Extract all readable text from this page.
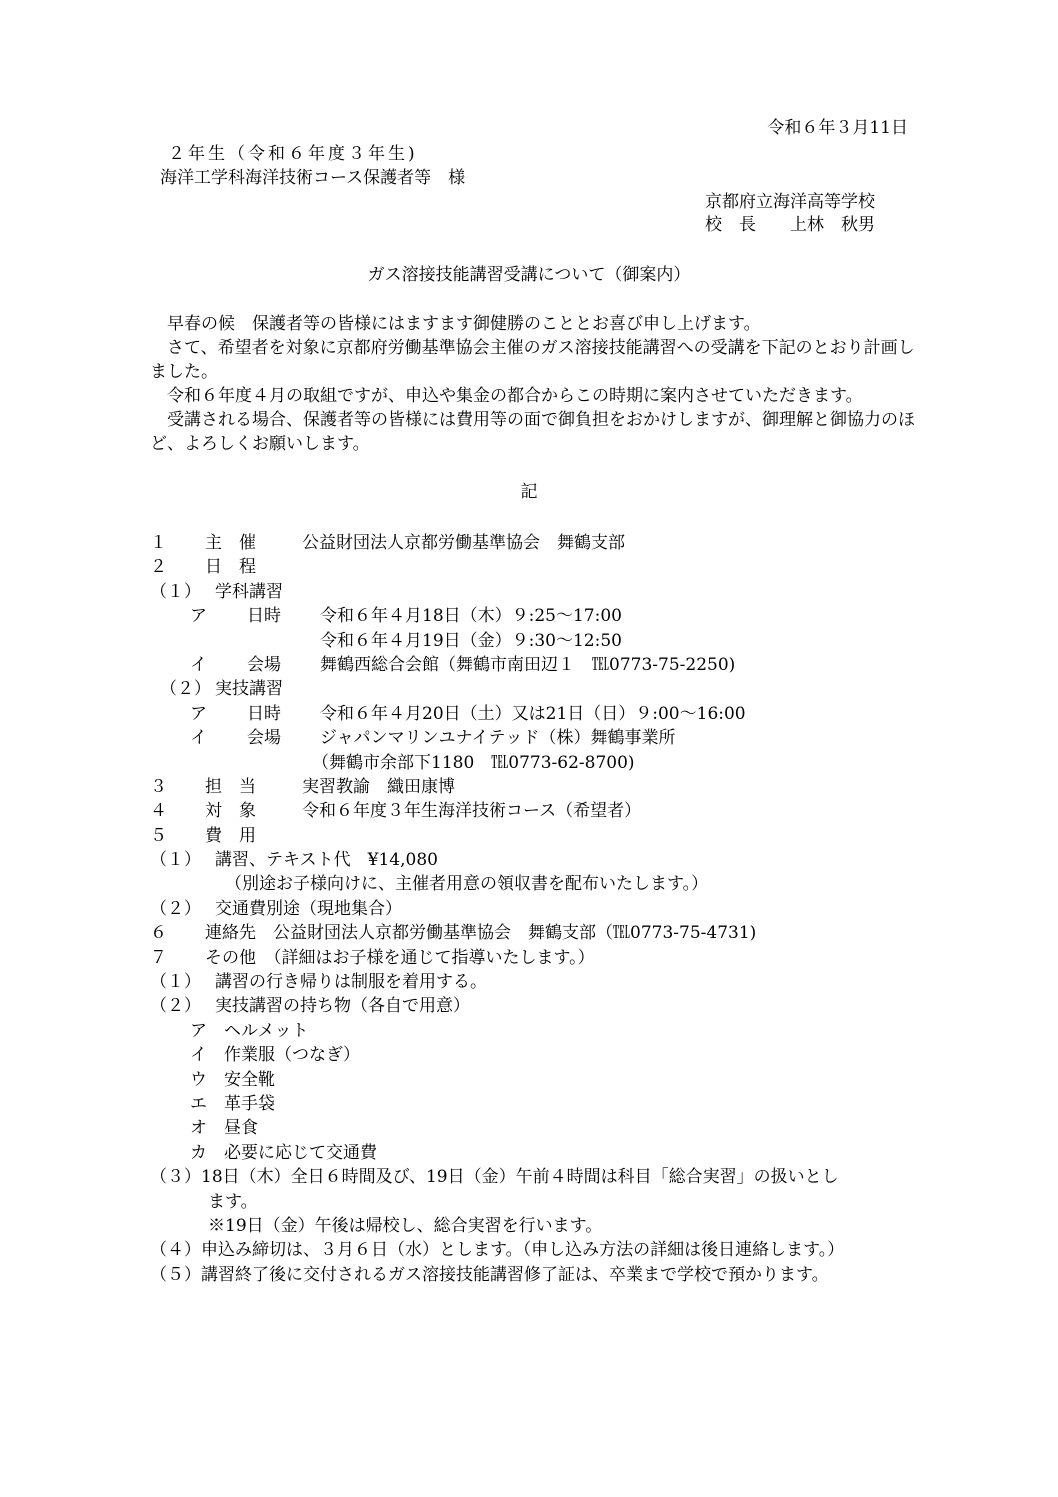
令和６年３月11日
２年生（令和６年度３年生)
海洋工学科海洋技術コース保護者等　様
京都府立海洋高等学校
校　長　　上林　秋男
ガス溶接技能講習受講について（御案内）

早春の候　保護者等の皆様にはますます御健勝のこととお喜び申し上げます。

さて、希望者を対象に京都府労働基準協会主催のガス溶接技能講習への受講を下記のとおり計画しました。

令和６年度４月の取組ですが、申込や集金の都合からこの時期に案内させていただきます。

受講される場合、保護者等の皆様には費用等の面で御負担をおかけしますが、御理解と御協力のほど、よろしくお願いします。

記
１ 主　催	公益財団法人京都労働基準協会　舞鶴支部
２ 日　程
（１） 学科講習
ア 日時 令和６年４月18日（木）９:25～17:00
令和６年４月19日（金）９:30～12:50
イ 会場 舞鶴西総合会館（舞鶴市南田辺１　℡0773-75-2250)
（２） 実技講習
ア 日時 令和６年４月20日（土）又は21日（日）９:00～16:00
イ 会場 ジャパンマリンユナイテッド（株）舞鶴事業所
（舞鶴市余部下1180　℡0773-62-8700)
３ 担　当	実習教諭　織田康博
４ 対　象	令和６年度３年生海洋技術コース（希望者）
５ 費　用
（１） 講習、テキスト代　¥14,080
（別途お子様向けに、主催者用意の領収書を配布いたします。）
（２） 交通費別途（現地集合）
６ 連絡先　公益財団法人京都労働基準協会　舞鶴支部（℡0773-75-4731)
７ その他　（詳細はお子様を通じて指導いたします。）
（１） 講習の行き帰りは制服を着用する。
（２） 実技講習の持ち物（各自で用意）
ア　ヘルメット
イ　作業服（つなぎ）
ウ　安全靴
エ　革手袋
オ　昼食
カ　必要に応じて交通費
（３）18日（木）全日６時間及び、19日（金）午前４時間は科目「総合実習」の扱いとし
ます。
※19日（金）午後は帰校し、総合実習を行います。
（４）申込み締切は、３月６日（水）とします。（申し込み方法の詳細は後日連絡します。）
（５）講習終了後に交付されるガス溶接技能講習修了証は、卒業まで学校で預かります。
